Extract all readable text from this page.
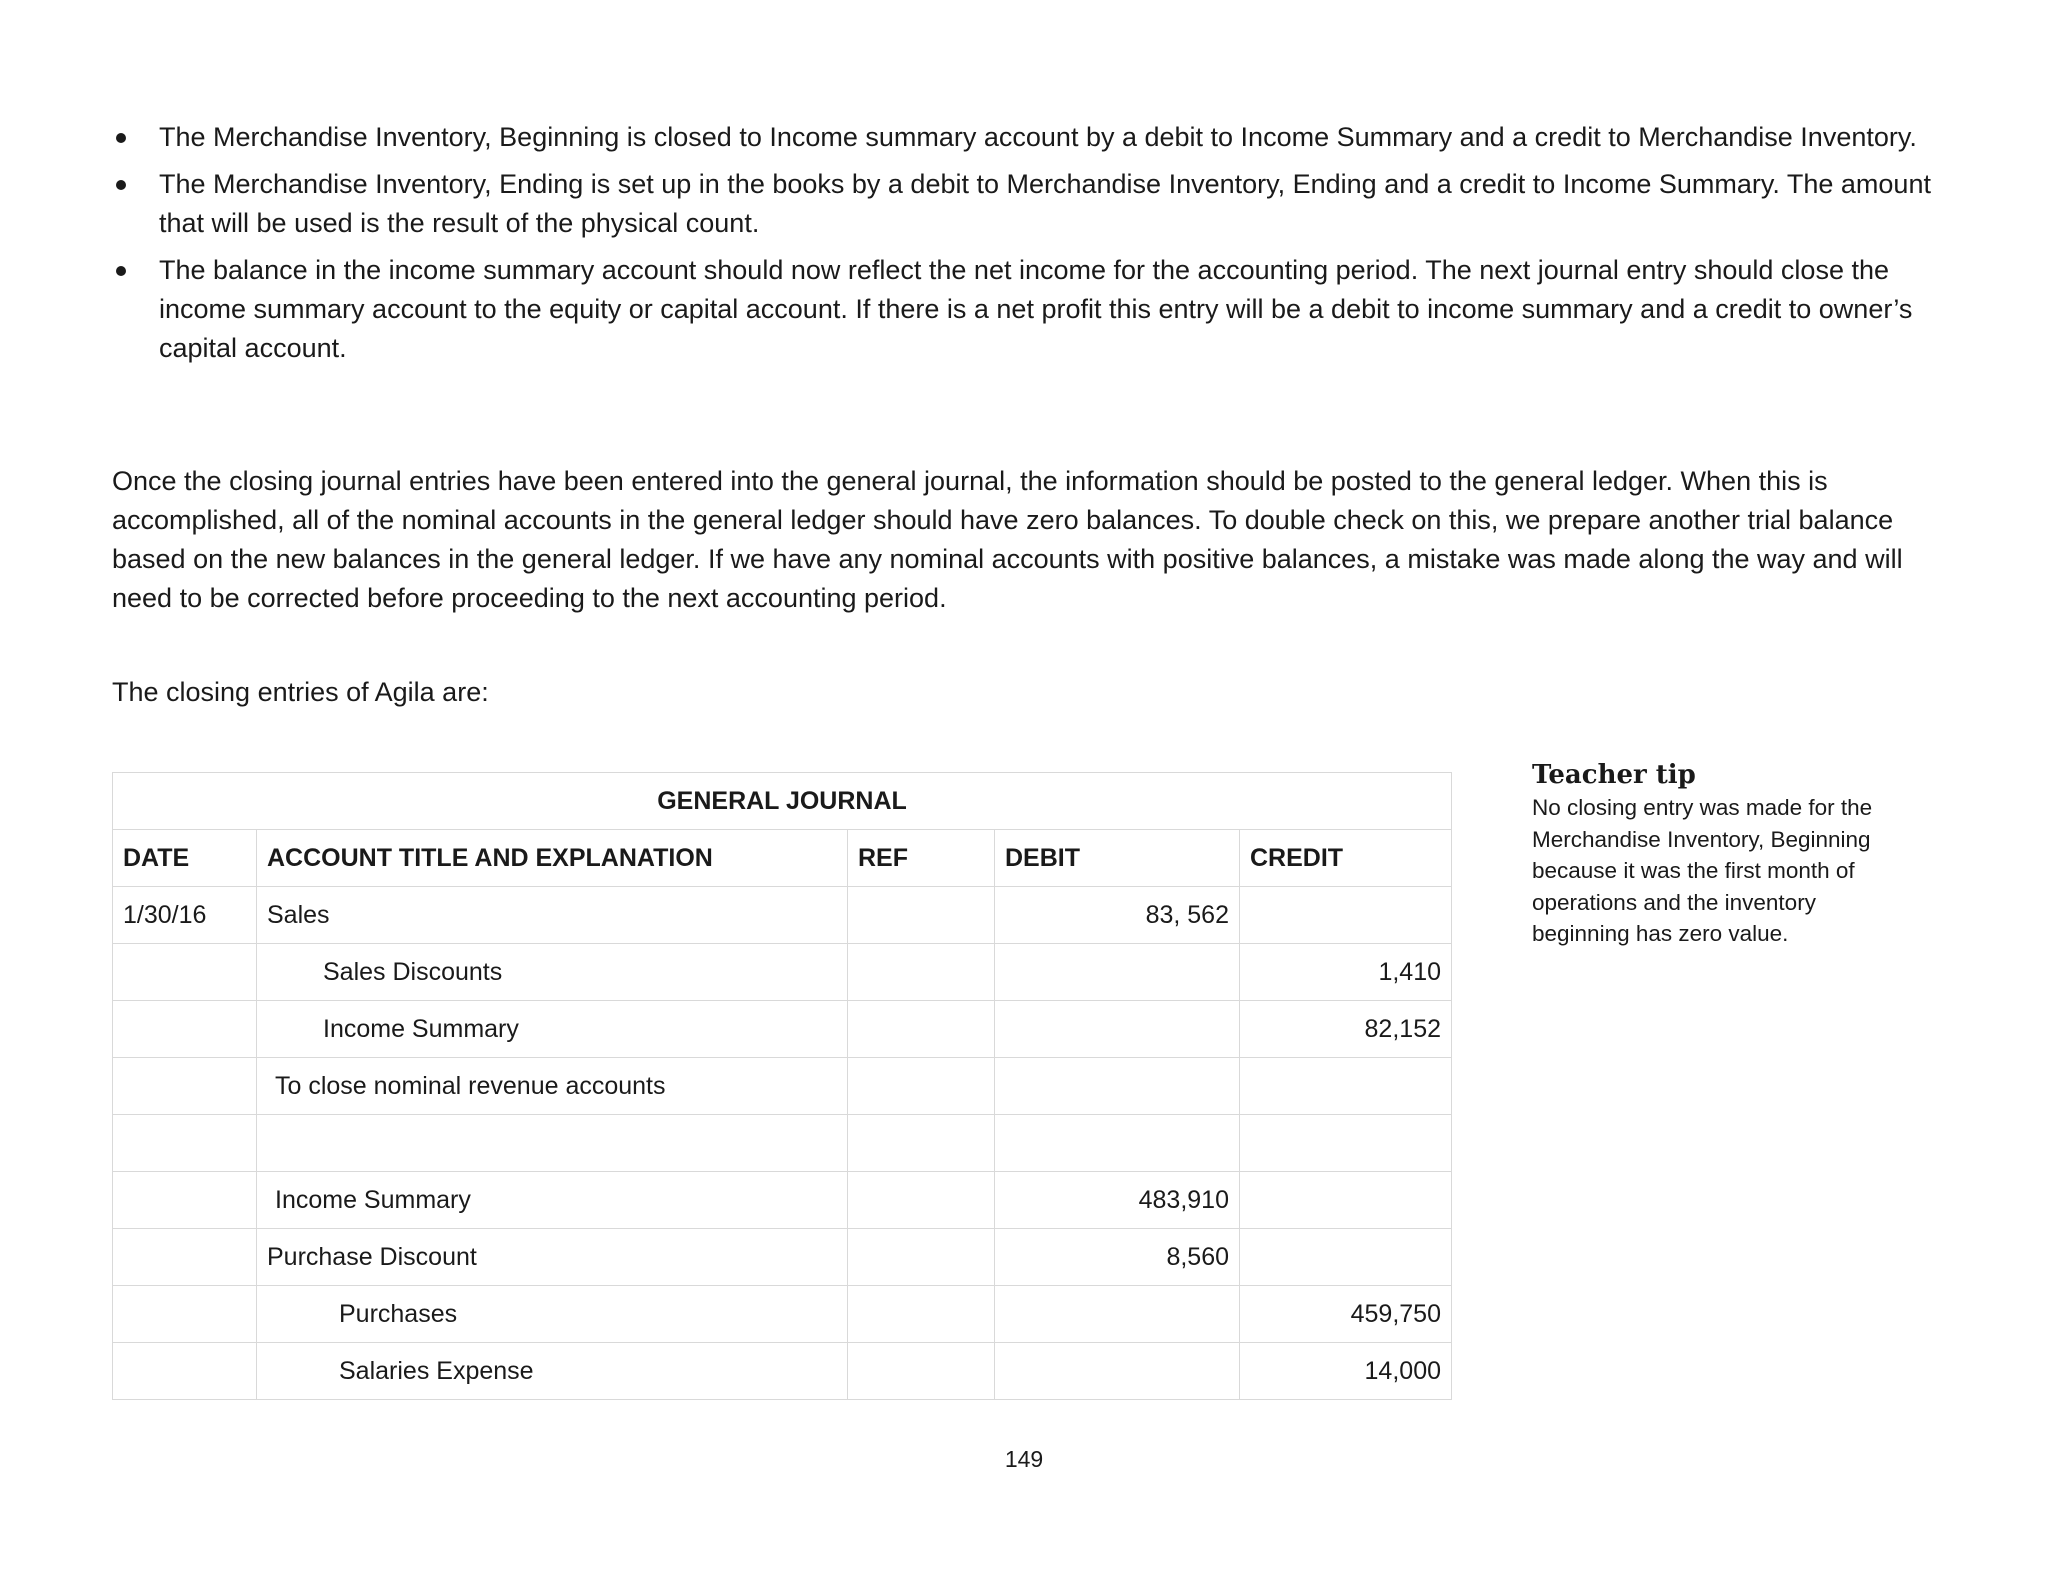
The Merchandise Inventory, Beginning is closed to Income summary account by a debit to Income Summary and a credit to Merchandise Inventory.
The Merchandise Inventory, Ending is set up in the books by a debit to Merchandise Inventory, Ending and a credit to Income Summary. The amount that will be used is the result of the physical count.
The balance in the income summary account should now reflect the net income for the accounting period. The next journal entry should close the income summary account to the equity or capital account. If there is a net profit this entry will be a debit to income summary and a credit to owner’s capital account.

Once the closing journal entries have been entered into the general journal, the information should be posted to the general ledger. When this is accomplished, all of the nominal accounts in the general ledger should have zero balances. To double check on this, we prepare another trial balance based on the new balances in the general ledger. If we have any nominal accounts with positive balances, a mistake was made along the way and will need to be corrected before proceeding to the next accounting period.

The closing entries of Agila are:

GENERAL JOURNAL				
DATE	ACCOUNT TITLE AND EXPLANATION	REF	DEBIT	CREDIT
1/30/16	Sales		83, 562	
	Sales Discounts			1,410
	Income Summary			82,152
	To close nominal revenue accounts			

	Income Summary		483,910	
	Purchase Discount		8,560	
	Purchases			459,750
	Salaries Expense			14,000
Teacher tip
No closing entry was made for the
Merchandise Inventory, Beginning
because it was the first month of
operations and the inventory
beginning has zero value.
149
